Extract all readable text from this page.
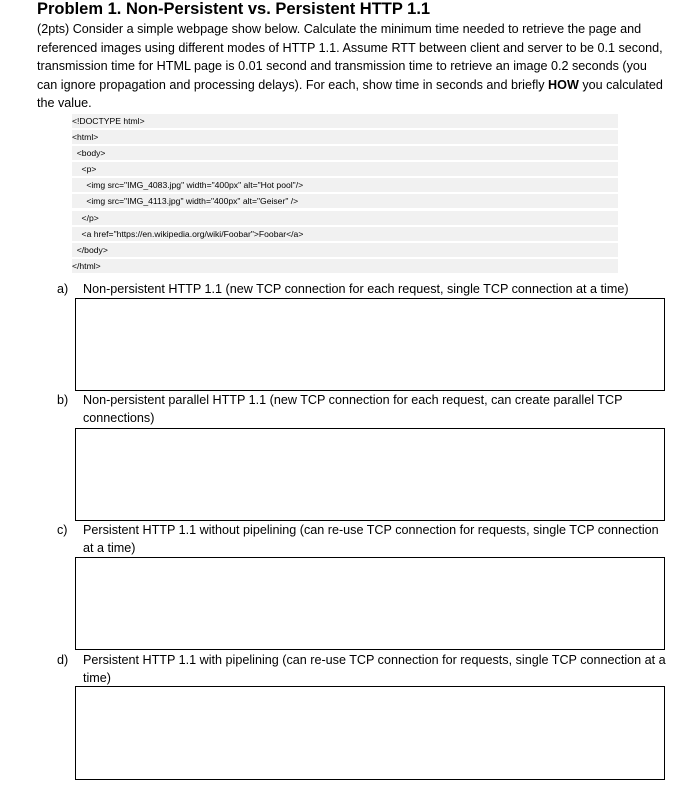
Problem 1. Non-Persistent vs. Persistent HTTP 1.1
(2pts) Consider a simple webpage show below. Calculate the minimum time needed to retrieve the page and referenced images using different modes of HTTP 1.1. Assume RTT between client and server to be 0.1 second, transmission time for HTML page is 0.01 second and transmission time to retrieve an image 0.2 seconds (you can ignore propagation and processing delays). For each, show time in seconds and briefly HOW you calculated the value.
<!DOCTYPE html>
<html>
<body>
<p>
<img src="IMG_4083.jpg" width="400px" alt="Hot pool"/>
<img src="IMG_4113.jpg" width="400px" alt="Geiser" />
</p>
<a href="https://en.wikipedia.org/wiki/Foobar">Foobar</a>
</body>
</html>
a)	Non-persistent HTTP 1.1 (new TCP connection for each request, single TCP connection at a time)
b)	Non-persistent parallel HTTP 1.1 (new TCP connection for each request, can create parallel TCP connections)
c)	Persistent HTTP 1.1 without pipelining (can re-use TCP connection for requests, single TCP connection at a time)
d)	Persistent HTTP 1.1 with pipelining (can re-use TCP connection for requests, single TCP connection at a time)
